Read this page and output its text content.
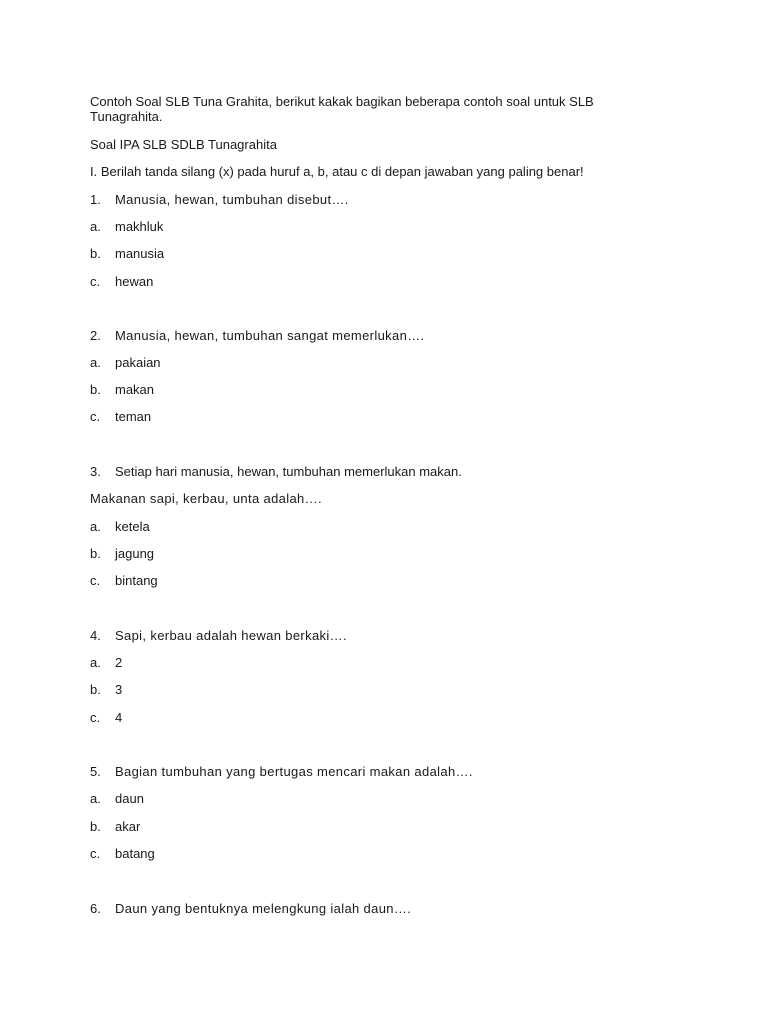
Contoh Soal SLB Tuna Grahita, berikut kakak bagikan beberapa contoh soal untuk SLB Tunagrahita.
Soal IPA SLB SDLB Tunagrahita
I. Berilah tanda silang (x) pada huruf a, b, atau c di depan jawaban yang paling benar!
1. Manusia, hewan, tumbuhan disebut….
a. makhluk
b. manusia
c. hewan
2. Manusia, hewan, tumbuhan sangat memerlukan….
a. pakaian
b. makan
c. teman
3. Setiap hari manusia, hewan, tumbuhan memerlukan makan.
Makanan sapi, kerbau, unta adalah….
a. ketela
b. jagung
c. bintang
4. Sapi, kerbau adalah hewan berkaki….
a. 2
b. 3
c. 4
5. Bagian tumbuhan yang bertugas mencari makan adalah….
a. daun
b. akar
c. batang
6. Daun yang bentuknya melengkung ialah daun….
